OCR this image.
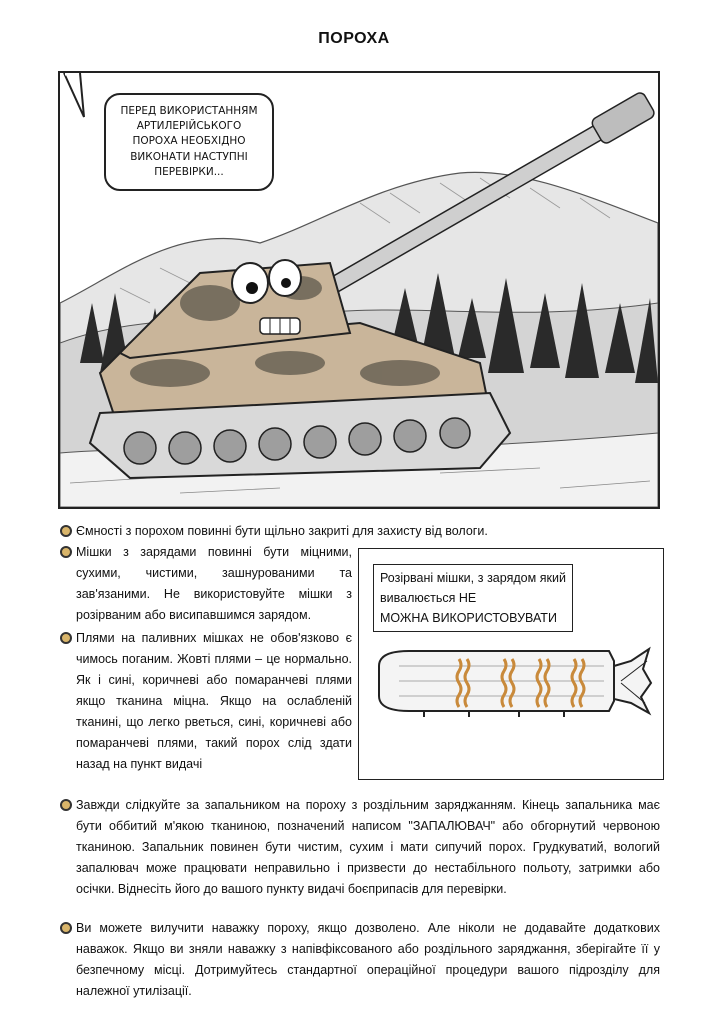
ПОРОХА
ПЕРЕД ВИКОРИСТАННЯМ АРТИЛЕРІЙСЬКОГО ПОРОХА НЕОБХІДНО ВИКОНАТИ НАСТУПНІ ПЕРЕВІРКИ...
Ємності з порохом повинні бути щільно закриті для захисту від вологи.
Мішки з зарядами повинні бути міцними, сухими, чистими, зашнурованими та зав'язаними. Не використовуйте мішки з розірваним або висипавшимся зарядом.
Плями на паливних мішках не обов'язково є чимось поганим. Жовті плями – це нормально. Як і сині, коричневі або помаранчеві плями якщо тканина міцна. Якщо на ослабленій тканині, що легко рветься, сині, коричневі або помаранчеві плями, такий порох слід здати назад на пункт видачі
Розірвані мішки, з зарядом який вивалюється НЕ
МОЖНА ВИКОРИСТОВУВАТИ
Завжди слідкуйте за запальником на пороху з роздільним заряджанням. Кінець запальника має бути оббитий м'якою тканиною, позначений написом "ЗАПАЛЮВАЧ" або обгорнутий червоною тканиною. Запальник повинен бути чистим, сухим і мати сипучий порох. Грудкуватий, вологий запалювач може працювати неправильно і призвести до нестабільного польоту, затримки або осічки. Віднесіть його до вашого пункту видачі боєприпасів для перевірки.
Ви можете вилучити наважку пороху, якщо дозволено. Але ніколи не додавайте додаткових наважок. Якщо ви зняли наважку з напівфіксованого або роздільного заряджання, зберігайте її у безпечному місці. Дотримуйтесь стандартної операційної процедури вашого підрозділу для належної утилізації.
